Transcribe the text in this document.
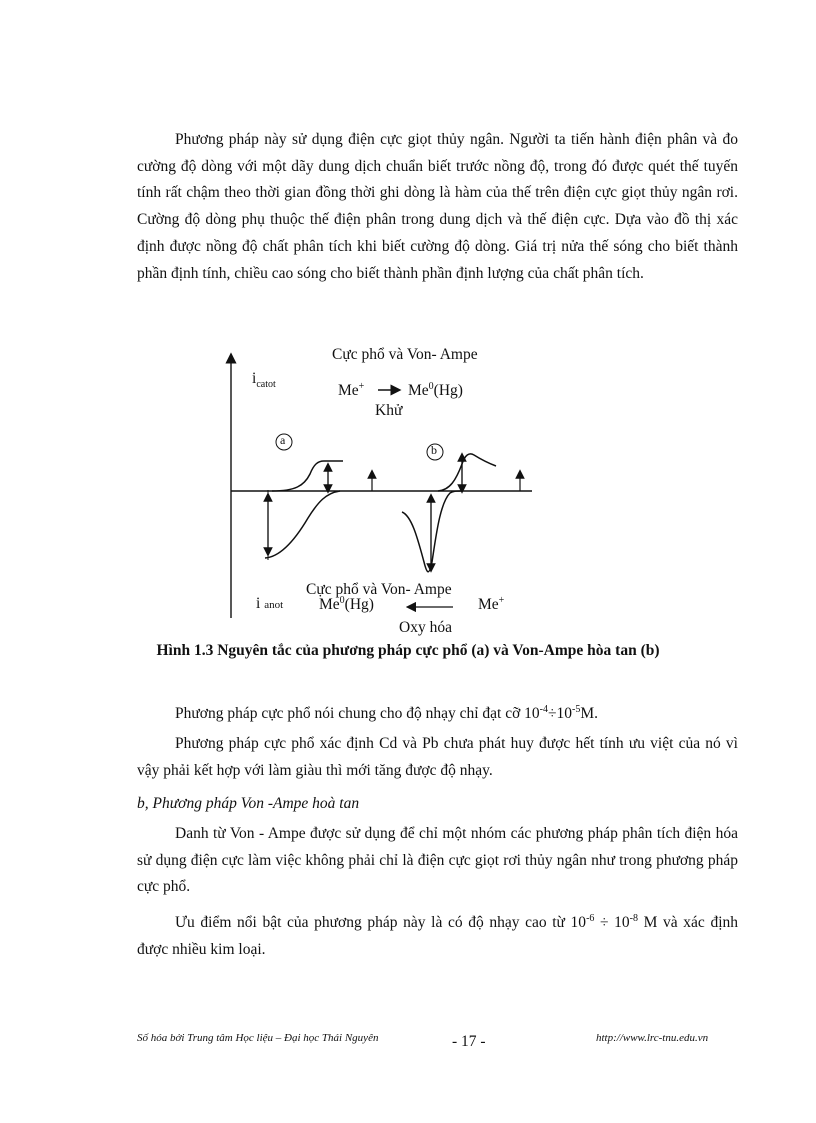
Phương pháp này sử dụng điện cực giọt thủy ngân. Người ta tiến hành điện phân và đo cường độ dòng với một dãy dung dịch chuẩn biết trước nồng độ, trong đó được quét thế tuyến tính rất chậm theo thời gian đồng thời ghi dòng là hàm của thế trên điện cực giọt thủy ngân rơi. Cường độ dòng phụ thuộc thế điện phân trong dung dịch và thế điện cực. Dựa vào đồ thị xác định được nồng độ chất phân tích khi biết cường độ dòng. Giá trị nửa thế sóng cho biết thành phần định tính, chiều cao sóng cho biết thành phần định lượng của chất phân tích.

Cực phổ và Von- Ampe
$i_{catot}$	Me+	Me$^0$(Hg)
Khử
a
b
Cực phổ và Von- Ampe
i anot Me$^0$(Hg)	Me+
Oxy hóa
Hình 1.3 Nguyên tắc của phương pháp cực phổ (a) và Von-Ampe hòa tan (b)

Phương pháp cực phổ nói chung cho độ nhạy chỉ đạt cỡ $10^{-4}\div 10^{-5}M$.

Phương pháp cực phổ xác định Cd và Pb chưa phát huy được hết tính ưu việt của nó vì vậy phải kết hợp với làm giàu thì mới tăng được độ nhạy.

b, Phương pháp Von -Ampe hoà tan

Danh từ Von - Ampe được sử dụng để chỉ một nhóm các phương pháp phân tích điện hóa sử dụng điện cực làm việc không phải chỉ là điện cực giọt rơi thủy ngân như trong phương pháp cực phổ.

Ưu điểm nổi bật của phương pháp này là có độ nhạy cao từ $10^{-6} \div 10^{-8}$ M và xác định được nhiều kim loại.

Số hóa bởi Trung tâm Học liệu – Đại học Thái Nguyên	- 17 -	http://www.lrc-tnu.edu.vn
